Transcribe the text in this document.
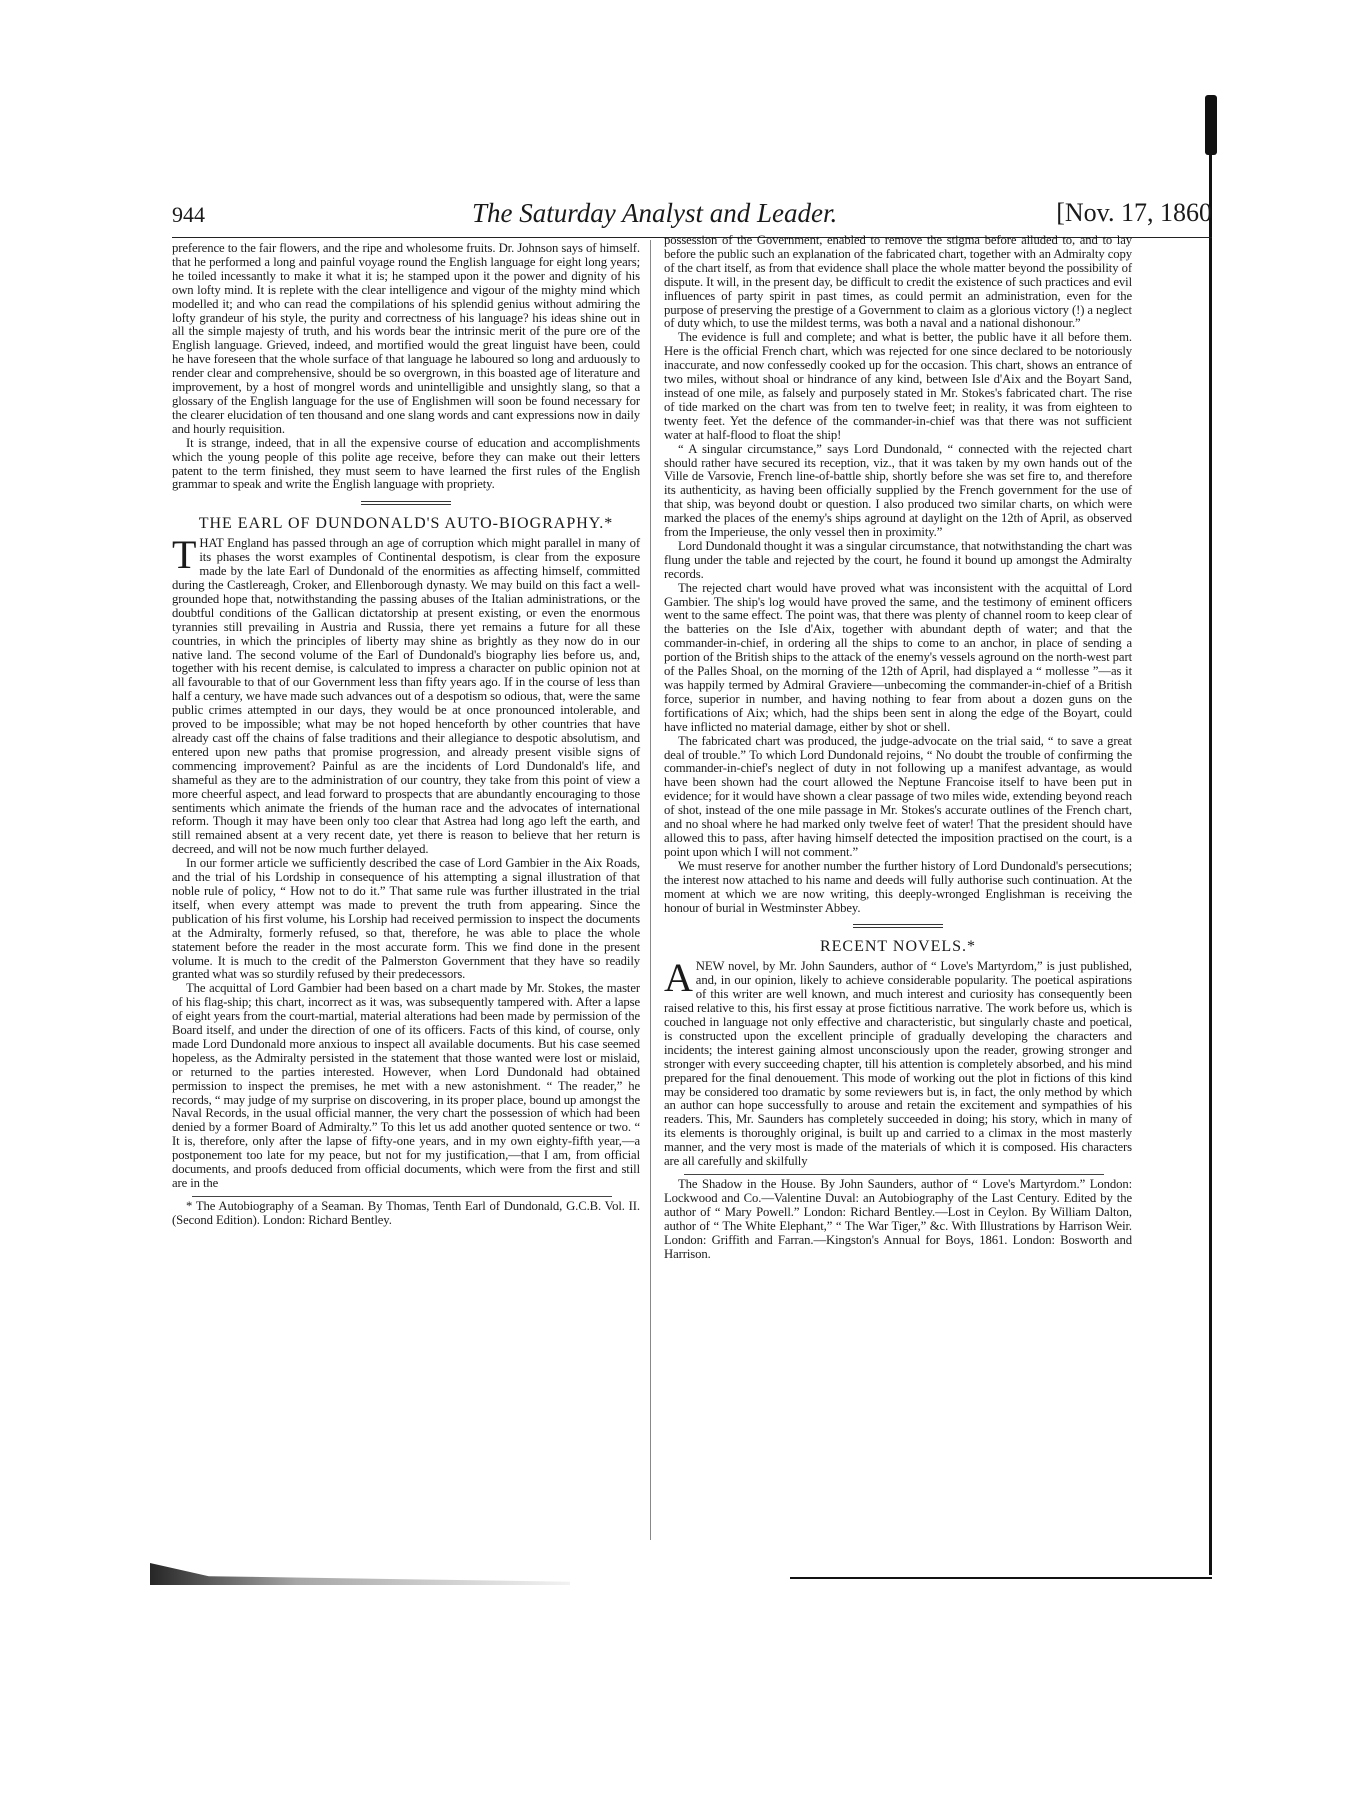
944	The Saturday Analyst and Leader.	[Nov. 17, 1860

preference to the fair flowers, and the ripe and wholesome fruits. Dr. Johnson says of himself. that he performed a long and painful voyage round the English language for eight long years; he toiled incessantly to make it what it is; he stamped upon it the power and dignity of his own lofty mind. It is replete with the clear intelligence and vigour of the mighty mind which modelled it; and who can read the compilations of his splendid genius without admiring the lofty grandeur of his style, the purity and correctness of his language? his ideas shine out in all the simple majesty of truth, and his words bear the intrinsic merit of the pure ore of the English language. Grieved, indeed, and mortified would the great linguist have been, could he have foreseen that the whole surface of that language he laboured so long and arduously to render clear and comprehensive, should be so overgrown, in this boasted age of literature and improvement, by a host of mongrel words and unintelligible and unsightly slang, so that a glossary of the English language for the use of Englishmen will soon be found necessary for the clearer elucidation of ten thousand and one slang words and cant expressions now in daily and hourly requisition.

It is strange, indeed, that in all the expensive course of education and accomplishments which the young people of this polite age receive, before they can make out their letters patent to the term finished, they must seem to have learned the first rules of the English grammar to speak and write the English language with propriety.

THE EARL OF DUNDONALD'S AUTO-BIOGRAPHY.*

THAT England has passed through an age of corruption which might parallel in many of its phases the worst examples of Continental despotism, is clear from the exposure made by the late Earl of Dundonald of the enormities as affecting himself, committed during the Castlereagh, Croker, and Ellenborough dynasty. We may build on this fact a well-grounded hope that, notwithstanding the passing abuses of the Italian administrations, or the doubtful conditions of the Gallican dictatorship at present existing, or even the enormous tyrannies still prevailing in Austria and Russia, there yet remains a future for all these countries, in which the principles of liberty may shine as brightly as they now do in our native land. The second volume of the Earl of Dundonald's biography lies before us, and, together with his recent demise, is calculated to impress a character on public opinion not at all favourable to that of our Government less than fifty years ago. If in the course of less than half a century, we have made such advances out of a despotism so odious, that, were the same public crimes attempted in our days, they would be at once pronounced intolerable, and proved to be impossible; what may be not hoped henceforth by other countries that have already cast off the chains of false traditions and their allegiance to despotic absolutism, and entered upon new paths that promise progression, and already present visible signs of commencing improvement? Painful as are the incidents of Lord Dundonald's life, and shameful as they are to the administration of our country, they take from this point of view a more cheerful aspect, and lead forward to prospects that are abundantly encouraging to those sentiments which animate the friends of the human race and the advocates of international reform. Though it may have been only too clear that Astrea had long ago left the earth, and still remained absent at a very recent date, yet there is reason to believe that her return is decreed, and will not be now much further delayed.

In our former article we sufficiently described the case of Lord Gambier in the Aix Roads, and the trial of his Lordship in consequence of his attempting a signal illustration of that noble rule of policy, “ How not to do it.” That same rule was further illustrated in the trial itself, when every attempt was made to prevent the truth from appearing. Since the publication of his first volume, his Lorship had received permission to inspect the documents at the Admiralty, formerly refused, so that, therefore, he was able to place the whole statement before the reader in the most accurate form. This we find done in the present volume. It is much to the credit of the Palmerston Government that they have so readily granted what was so sturdily refused by their predecessors.

The acquittal of Lord Gambier had been based on a chart made by Mr. Stokes, the master of his flag-ship; this chart, incorrect as it was, was subsequently tampered with. After a lapse of eight years from the court-martial, material alterations had been made by permission of the Board itself, and under the direction of one of its officers. Facts of this kind, of course, only made Lord Dundonald more anxious to inspect all available documents. But his case seemed hopeless, as the Admiralty persisted in the statement that those wanted were lost or mislaid, or returned to the parties interested. However, when Lord Dundonald had obtained permission to inspect the premises, he met with a new astonishment. “ The reader,” he records, “ may judge of my surprise on discovering, in its proper place, bound up amongst the Naval Records, in the usual official manner, the very chart the possession of which had been denied by a former Board of Admiralty.” To this let us add another quoted sentence or two. “ It is, therefore, only after the lapse of fifty-one years, and in my own eighty-fifth year,—a postponement too late for my peace, but not for my justification,—that I am, from official documents, and proofs deduced from official documents, which were from the first and still are in the

* The Autobiography of a Seaman. By Thomas, Tenth Earl of Dundonald, G.C.B. Vol. II. (Second Edition). London: Richard Bentley.

possession of the Government, enabled to remove the stigma before alluded to, and to lay before the public such an explanation of the fabricated chart, together with an Admiralty copy of the chart itself, as from that evidence shall place the whole matter beyond the possibility of dispute. It will, in the present day, be difficult to credit the existence of such practices and evil influences of party spirit in past times, as could permit an administration, even for the purpose of preserving the prestige of a Government to claim as a glorious victory (!) a neglect of duty which, to use the mildest terms, was both a naval and a national dishonour.”

The evidence is full and complete; and what is better, the public have it all before them. Here is the official French chart, which was rejected for one since declared to be notoriously inaccurate, and now confessedly cooked up for the occasion. This chart, shows an entrance of two miles, without shoal or hindrance of any kind, between Isle d'Aix and the Boyart Sand, instead of one mile, as falsely and purposely stated in Mr. Stokes's fabricated chart. The rise of tide marked on the chart was from ten to twelve feet; in reality, it was from eighteen to twenty feet. Yet the defence of the commander-in-chief was that there was not sufficient water at half-flood to float the ship!

“ A singular circumstance,” says Lord Dundonald, “ connected with the rejected chart should rather have secured its reception, viz., that it was taken by my own hands out of the Ville de Varsovie, French line-of-battle ship, shortly before she was set fire to, and therefore its authenticity, as having been officially supplied by the French government for the use of that ship, was beyond doubt or question. I also produced two similar charts, on which were marked the places of the enemy's ships aground at daylight on the 12th of April, as observed from the Imperieuse, the only vessel then in proximity.”

Lord Dundonald thought it was a singular circumstance, that notwithstanding the chart was flung under the table and rejected by the court, he found it bound up amongst the Admiralty records.

The rejected chart would have proved what was inconsistent with the acquittal of Lord Gambier. The ship's log would have proved the same, and the testimony of eminent officers went to the same effect. The point was, that there was plenty of channel room to keep clear of the batteries on the Isle d'Aix, together with abundant depth of water; and that the commander-in-chief, in ordering all the ships to come to an anchor, in place of sending a portion of the British ships to the attack of the enemy's vessels aground on the north-west part of the Palles Shoal, on the morning of the 12th of April, had displayed a “ mollesse ”—as it was happily termed by Admiral Graviere—unbecoming the commander-in-chief of a British force, superior in number, and having nothing to fear from about a dozen guns on the fortifications of Aix; which, had the ships been sent in along the edge of the Boyart, could have inflicted no material damage, either by shot or shell.

The fabricated chart was produced, the judge-advocate on the trial said, “ to save a great deal of trouble.” To which Lord Dundonald rejoins, “ No doubt the trouble of confirming the commander-in-chief's neglect of duty in not following up a manifest advantage, as would have been shown had the court allowed the Neptune Francoise itself to have been put in evidence; for it would have shown a clear passage of two miles wide, extending beyond reach of shot, instead of the one mile passage in Mr. Stokes's accurate outlines of the French chart, and no shoal where he had marked only twelve feet of water! That the president should have allowed this to pass, after having himself detected the imposition practised on the court, is a point upon which I will not comment.”

We must reserve for another number the further history of Lord Dundonald's persecutions; the interest now attached to his name and deeds will fully authorise such continuation. At the moment at which we are now writing, this deeply-wronged Englishman is receiving the honour of burial in Westminster Abbey.

RECENT NOVELS.*

ANEW novel, by Mr. John Saunders, author of “ Love's Martyrdom,” is just published, and, in our opinion, likely to achieve considerable popularity. The poetical aspirations of this writer are well known, and much interest and curiosity has consequently been raised relative to this, his first essay at prose fictitious narrative. The work before us, which is couched in language not only effective and characteristic, but singularly chaste and poetical, is constructed upon the excellent principle of gradually developing the characters and incidents; the interest gaining almost unconsciously upon the reader, growing stronger and stronger with every succeeding chapter, till his attention is completely absorbed, and his mind prepared for the final denouement. This mode of working out the plot in fictions of this kind may be considered too dramatic by some reviewers but is, in fact, the only method by which an author can hope successfully to arouse and retain the excitement and sympathies of his readers. This, Mr. Saunders has completely succeeded in doing; his story, which in many of its elements is thoroughly original, is built up and carried to a climax in the most masterly manner, and the very most is made of the materials of which it is composed. His characters are all carefully and skilfully

The Shadow in the House. By John Saunders, author of “ Love's Martyrdom.” London: Lockwood and Co.—Valentine Duval: an Autobiography of the Last Century. Edited by the author of “ Mary Powell.” London: Richard Bentley.—Lost in Ceylon. By William Dalton, author of “ The White Elephant,” “ The War Tiger,” &c. With Illustrations by Harrison Weir. London: Griffith and Farran.—Kingston's Annual for Boys, 1861. London: Bosworth and Harrison.
